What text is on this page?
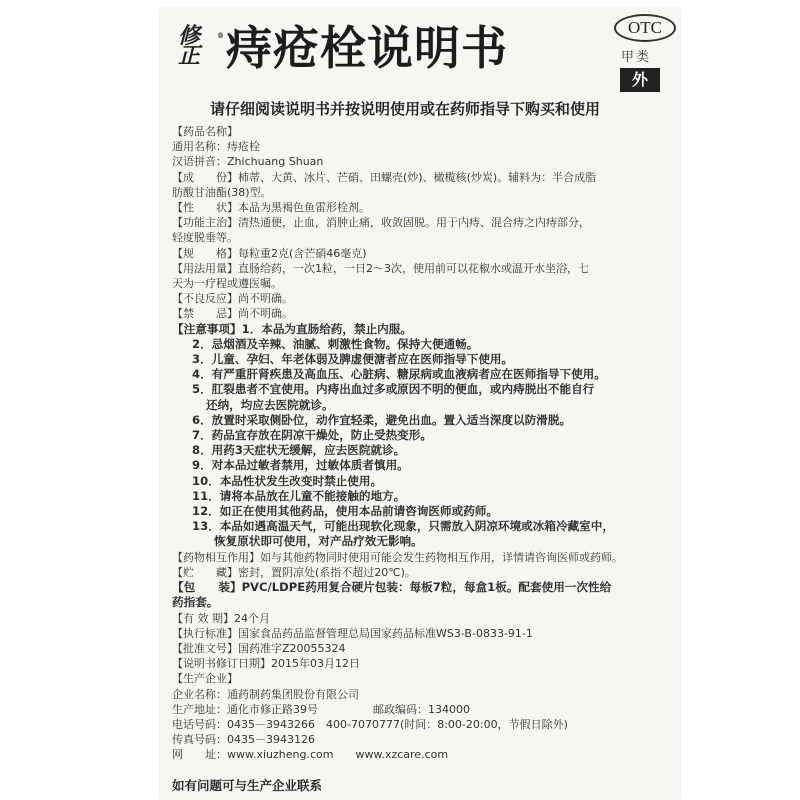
修正
® 痔疮栓说明书	OTC
甲类
外
请仔细阅读说明书并按说明使用或在药师指导下购买和使用
【药品名称】
通用名称：痔疮栓
汉语拼音：Zhichuang Shuan
【成　　份】柿蒂、大黄、冰片、芒硝、田螺壳(炒)、橄榄核(炒炭)。辅料为：半合成脂
肪酸甘油酯(38)型。
【性　　状】本品为黑褐色鱼雷形栓剂。
【功能主治】清热通便，止血，消肿止痛，收敛固脱。用于内痔、混合痔之内痔部分，
轻度脱垂等。
【规　　格】每粒重2克(含芒硝46毫克)
【用法用量】直肠给药，一次1粒，一日2～3次，使用前可以花椒水或温开水坐浴，七
天为一疗程或遵医嘱。
【不良反应】尚不明确。
【禁　　忌】尚不明确。
【注意事项】1．本品为直肠给药，禁止内服。
2．忌烟酒及辛辣、油腻、刺激性食物。保持大便通畅。
3．儿童、孕妇、年老体弱及脾虚便溏者应在医师指导下使用。
4．有严重肝肾疾患及高血压、心脏病、糖尿病或血液病者应在医师指导下使用。
5．肛裂患者不宜使用。内痔出血过多或原因不明的便血，或内痔脱出不能自行
还纳，均应去医院就诊。
6．放置时采取侧卧位，动作宜轻柔，避免出血。置入适当深度以防滑脱。
7．药品宜存放在阴凉干燥处，防止受热变形。
8．用药3天症状无缓解，应去医院就诊。
9．对本品过敏者禁用，过敏体质者慎用。
10．本品性状发生改变时禁止使用。
11．请将本品放在儿童不能接触的地方。
12．如正在使用其他药品，使用本品前请咨询医师或药师。
13．本品如遇高温天气，可能出现软化现象，只需放入阴凉环境或冰箱冷藏室中，
恢复原状即可使用，对产品疗效无影响。
【药物相互作用】如与其他药物同时使用可能会发生药物相互作用，详情请咨询医师或药师。
【贮　　藏】密封，置阴凉处(系指不超过20℃)。
【包　　装】PVC/LDPE药用复合硬片包装：每板7粒，每盒1板。配套使用一次性给
药指套。
【有 效 期】24个月
【执行标准】国家食品药品监督管理总局国家药品标准WS3-B-0833-91-1
【批准文号】国药准字Z20055324
【说明书修订日期】2015年03月12日
【生产企业】
企业名称：通药制药集团股份有限公司
生产地址：通化市修正路39号	邮政编码：134000
电话号码：0435－3943266　400-7070777(时间：8:00-20:00，节假日除外)
传真号码：0435－3943126
网　　址：www.xiuzheng.com　　www.xzcare.com
如有问题可与生产企业联系
